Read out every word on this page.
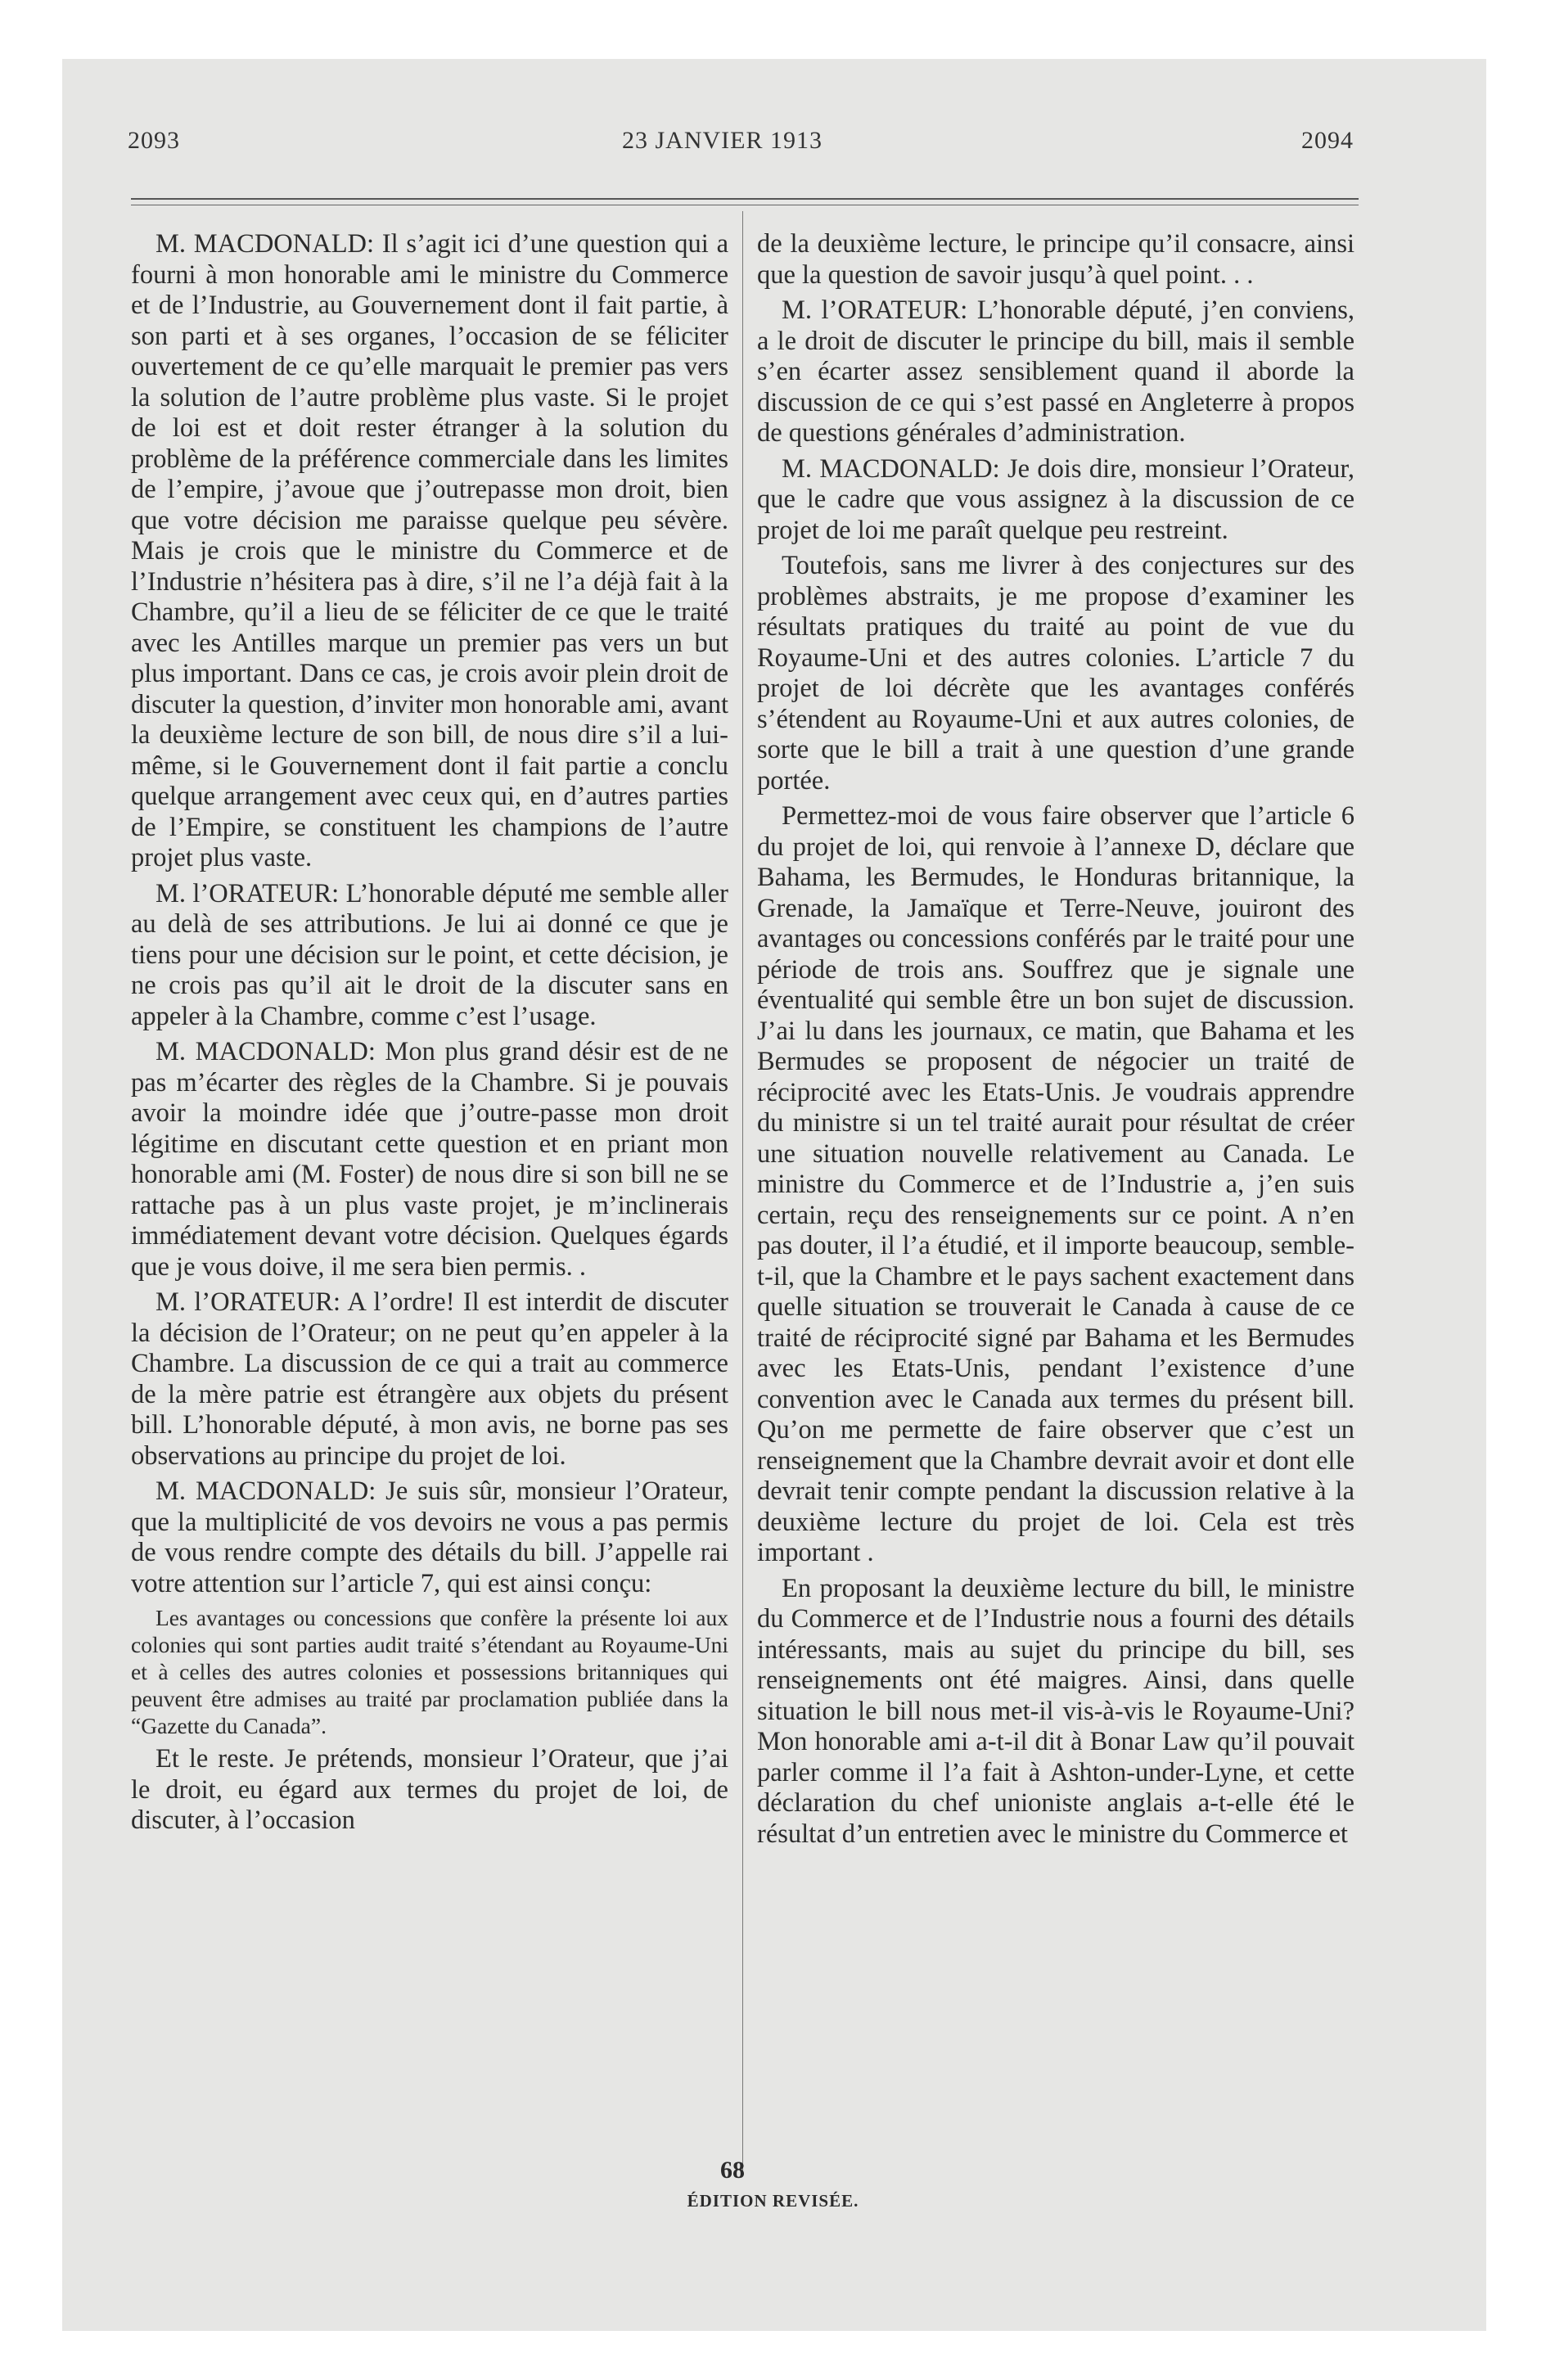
2093	23 JANVIER 1913	2094

M. MACDONALD: Il s’agit ici d’une question qui a fourni à mon honorable ami le ministre du Commerce et de l’Industrie, au Gouvernement dont il fait partie, à son parti et à ses organes, l’occasion de se féliciter ouvertement de ce qu’elle marquait le premier pas vers la solution de l’autre problème plus vaste. Si le projet de loi est et doit rester étranger à la solution du problème de la préférence commerciale dans les limites de l’empire, j’avoue que j’outrepasse mon droit, bien que votre décision me paraisse quelque peu sévère. Mais je crois que le ministre du Commerce et de l’Industrie n’hésitera pas à dire, s’il ne l’a déjà fait à la Chambre, qu’il a lieu de se féliciter de ce que le traité avec les Antilles marque un premier pas vers un but plus important. Dans ce cas, je crois avoir plein droit de discuter la question, d’inviter mon honorable ami, avant la deuxième lecture de son bill, de nous dire s’il a lui-même, si le Gouvernement dont il fait partie a conclu quelque arrangement avec ceux qui, en d’autres parties de l’Empire, se constituent les champions de l’autre projet plus vaste.

M. l’ORATEUR: L’honorable député me semble aller au delà de ses attributions. Je lui ai donné ce que je tiens pour une décision sur le point, et cette décision, je ne crois pas qu’il ait le droit de la discuter sans en appeler à la Chambre, comme c’est l’usage.

M. MACDONALD: Mon plus grand désir est de ne pas m’écarter des règles de la Chambre. Si je pouvais avoir la moindre idée que j’outre-passe mon droit légitime en discutant cette question et en priant mon honorable ami (M. Foster) de nous dire si son bill ne se rattache pas à un plus vaste projet, je m’inclinerais immédiatement devant votre décision. Quelques égards que je vous doive, il me sera bien permis. .

M. l’ORATEUR: A l’ordre! Il est interdit de discuter la décision de l’Orateur; on ne peut qu’en appeler à la Chambre. La discussion de ce qui a trait au commerce de la mère patrie est étrangère aux objets du présent bill. L’honorable député, à mon avis, ne borne pas ses observations au principe du projet de loi.

M. MACDONALD: Je suis sûr, monsieur l’Orateur, que la multiplicité de vos devoirs ne vous a pas permis de vous rendre compte des détails du bill. J’appelle rai votre attention sur l’article 7, qui est ainsi conçu:

Les avantages ou concessions que confère la présente loi aux colonies qui sont parties audit traité s’étendant au Royaume-Uni et à celles des autres colonies et possessions britanniques qui peuvent être admises au traité par proclamation publiée dans la “Gazette du Canada”.

Et le reste. Je prétends, monsieur l’Orateur, que j’ai le droit, eu égard aux termes du projet de loi, de discuter, à l’occasion

de la deuxième lecture, le principe qu’il consacre, ainsi que la question de savoir jusqu’à quel point. . .

M. l’ORATEUR: L’honorable député, j’en conviens, a le droit de discuter le principe du bill, mais il semble s’en écarter assez sensiblement quand il aborde la discussion de ce qui s’est passé en Angleterre à propos de questions générales d’administration.

M. MACDONALD: Je dois dire, monsieur l’Orateur, que le cadre que vous assignez à la discussion de ce projet de loi me paraît quelque peu restreint.

Toutefois, sans me livrer à des conjectures sur des problèmes abstraits, je me propose d’examiner les résultats pratiques du traité au point de vue du Royaume-Uni et des autres colonies. L’article 7 du projet de loi décrète que les avantages conférés s’étendent au Royaume-Uni et aux autres colonies, de sorte que le bill a trait à une question d’une grande portée.

Permettez-moi de vous faire observer que l’article 6 du projet de loi, qui renvoie à l’annexe D, déclare que Bahama, les Bermudes, le Honduras britannique, la Grenade, la Jamaïque et Terre-Neuve, jouiront des avantages ou concessions conférés par le traité pour une période de trois ans. Souffrez que je signale une éventualité qui semble être un bon sujet de discussion. J’ai lu dans les journaux, ce matin, que Bahama et les Bermudes se proposent de négocier un traité de réciprocité avec les Etats-Unis. Je voudrais apprendre du ministre si un tel traité aurait pour résultat de créer une situation nouvelle relativement au Canada. Le ministre du Commerce et de l’Industrie a, j’en suis certain, reçu des renseignements sur ce point. A n’en pas douter, il l’a étudié, et il importe beaucoup, semble-t-il, que la Chambre et le pays sachent exactement dans quelle situation se trouverait le Canada à cause de ce traité de réciprocité signé par Bahama et les Bermudes avec les Etats-Unis, pendant l’existence d’une convention avec le Canada aux termes du présent bill. Qu’on me permette de faire observer que c’est un renseignement que la Chambre devrait avoir et dont elle devrait tenir compte pendant la discussion relative à la deuxième lecture du projet de loi. Cela est très important .

En proposant la deuxième lecture du bill, le ministre du Commerce et de l’Industrie nous a fourni des détails intéressants, mais au sujet du principe du bill, ses renseignements ont été maigres. Ainsi, dans quelle situation le bill nous met-il vis-à-vis le Royaume-Uni? Mon honorable ami a-t-il dit à Bonar Law qu’il pouvait parler comme il l’a fait à Ashton-under-Lyne, et cette déclaration du chef unioniste anglais a-t-elle été le résultat d’un entretien avec le ministre du Commerce et

68
ÉDITION REVISÉE.
